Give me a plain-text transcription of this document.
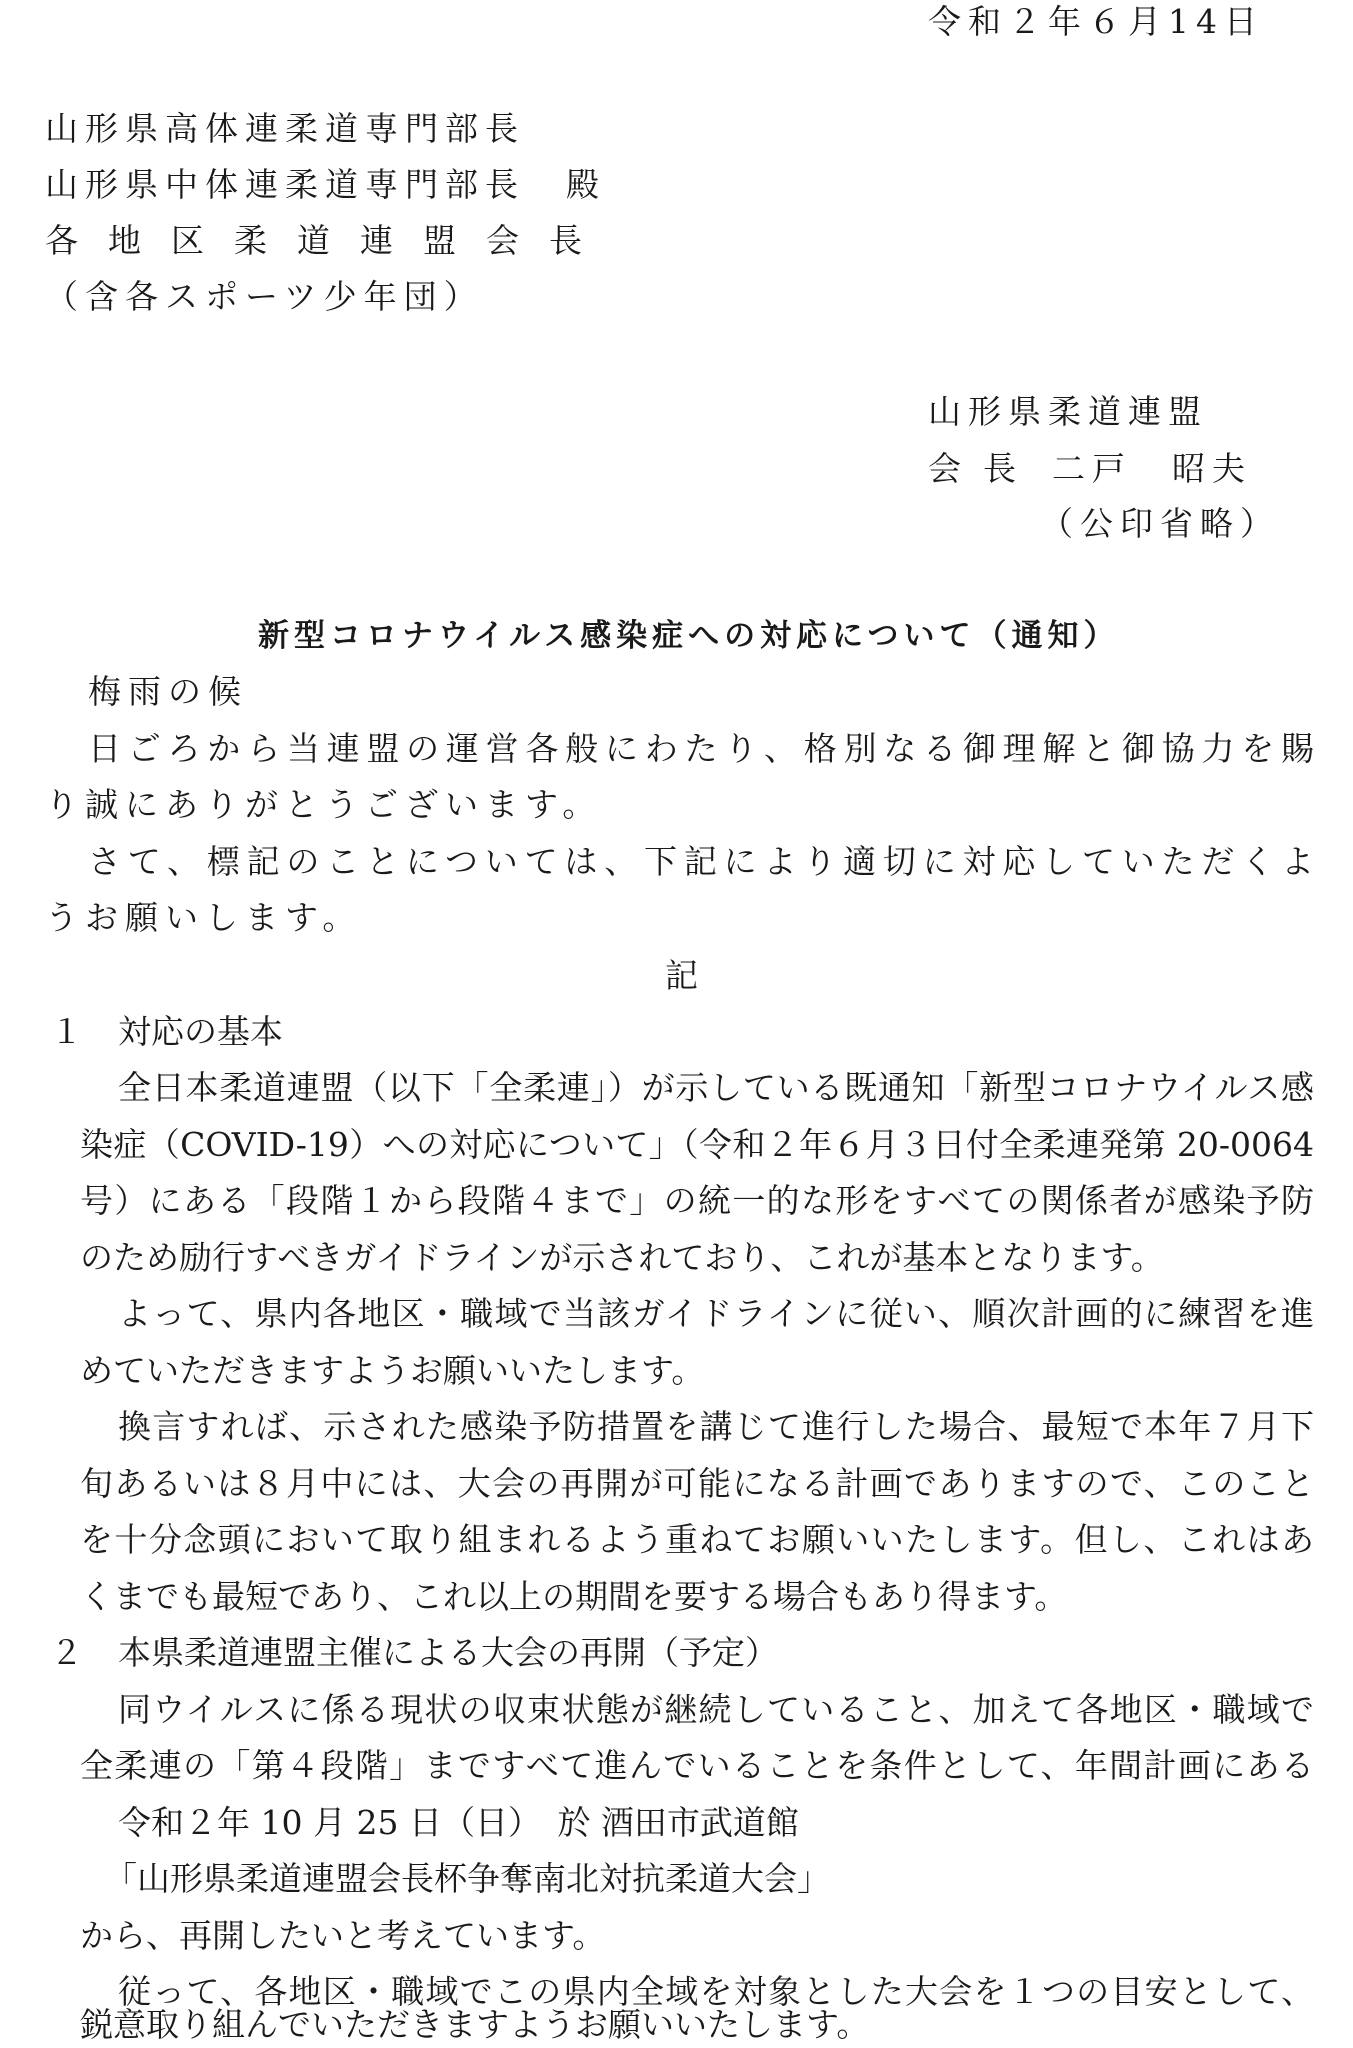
令和２年６月14日
山形県高体連柔道専門部長
山形県中体連柔道専門部長 殿
各地区柔道連盟会長
（含各スポーツ少年団）
山形県柔道連盟
会長 二戸　昭夫
（公印省略）
新型コロナウイルス感染症への対応について（通知）
梅雨の候
日ごろから当連盟の運営各般にわたり、格別なる御理解と御協力を賜
り誠にありがとうございます。
さて、標記のことについては、下記により適切に対応していただくよ
うお願いします。
記
１ 対応の基本
全日本柔道連盟（以下「全柔連」）が示している既通知「新型コロナウイルス感
染症（COVID-19）への対応について」（令和２年６月３日付全柔連発第 20-0064
号）にある「段階１から段階４まで」の統一的な形をすべての関係者が感染予防
のため励行すべきガイドラインが示されており、これが基本となります。
よって、県内各地区・職域で当該ガイドラインに従い、順次計画的に練習を進
めていただきますようお願いいたします。
換言すれば、示された感染予防措置を講じて進行した場合、最短で本年７月下
旬あるいは８月中には、大会の再開が可能になる計画でありますので、このこと
を十分念頭において取り組まれるよう重ねてお願いいたします。但し、これはあ
くまでも最短であり、これ以上の期間を要する場合もあり得ます。
２ 本県柔道連盟主催による大会の再開（予定）
同ウイルスに係る現状の収束状態が継続していること、加えて各地区・職域で
全柔連の「第４段階」まですべて進んでいることを条件として、年間計画にある
令和２年 10 月 25 日（日）　於 酒田市武道館
「山形県柔道連盟会長杯争奪南北対抗柔道大会」
から、再開したいと考えています。
従って、各地区・職域でこの県内全域を対象とした大会を１つの目安として、
鋭意取り組んでいただきますようお願いいたします。
